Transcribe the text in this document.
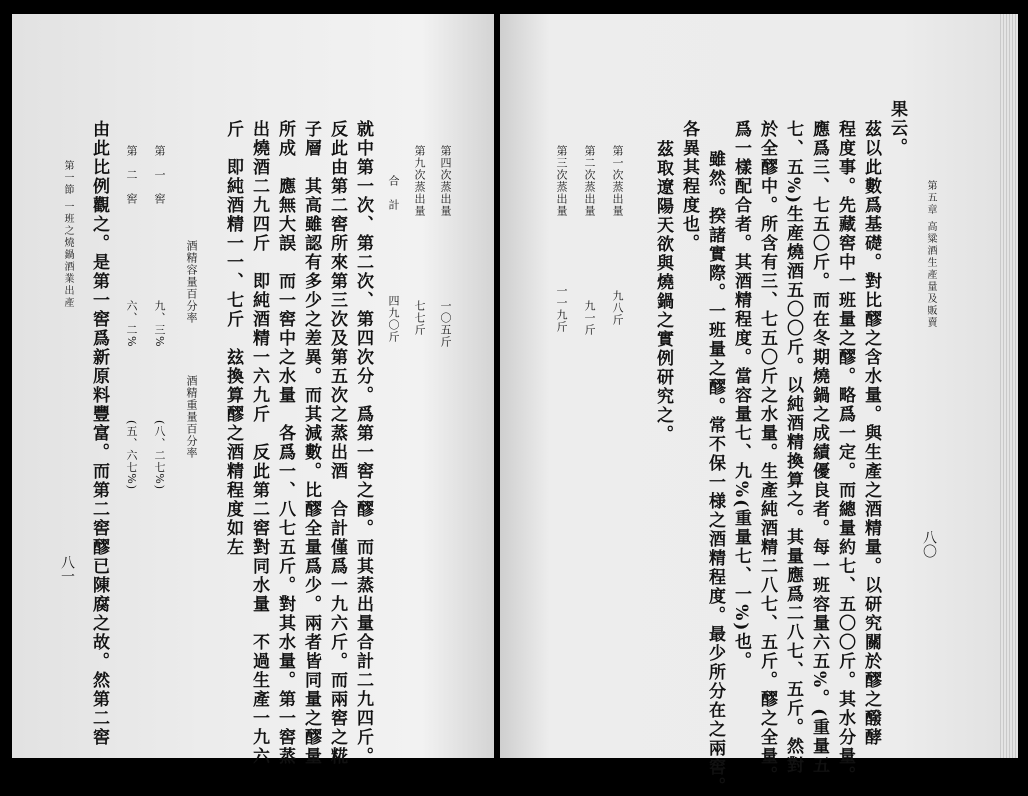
第五章 高粱酒生產量及販賣
八〇
果云。
茲以此數爲基礎。對比醪之含水量。與生產之酒精量。以研究關於醪之醱酵
程度事。先藏窖中一班量之醪。略爲一定。而總量約七、五〇〇斤。其水分量。
應爲三、七五〇斤。而在冬期燒鍋之成績優良者。每一班容量六五%。(重量五
七、五%)生産燒酒五〇〇斤。以純酒精換算之。其量應爲二八七、五斤。然對
於全醪中。所含有三、七五〇斤之水量。生產純酒精二八七、五斤。醪之全量。
爲一樣配合者。其酒精程度。當容量七、九%(重量七、一%)也。
雖然。揆諸實際。一班量之醪。常不保一様之酒精程度。最少所分在之兩窖。
各異其程度也。
茲取遼陽天欲與燒鍋之實例研究之。
第一次蒸出量
九八斤
第二次蒸出量
九一斤
第三次蒸出量
一一九斤
第四次蒸出量
一〇五斤
第九次蒸出量
七七斤
合　計
四九〇斤
就中第一次、第二次、第四次分。爲第一窖之醪。而其蒸出量合計二九四斤。
反此由第二窖所來第三次及第五次之蒸出酒　合計僅爲一九六斤。而兩窖之糀
子層　其高雖認有多少之差異。而其減數。比醪全量爲少。兩者皆同量之醪量
所成　應無大誤　而一窖中之水量　各爲一、八七五斤。對其水量。第一窖蒸
出燒酒二九四斤　即純酒精一六九斤　反此第二窖對同水量　不過生產一九六
斤　即純酒精一一、七斤　玆換算醪之酒精程度如左
酒精容量百分率
酒精重量百分率
第　一　窖
九、三%
(八、二七%)
第　二　窖
六、二%
(五、六七%)
由此比例觀之。是第一窖爲新原料豐富。而第二窖醪已陳腐之故。然第二窖
第一節 一班之燒鍋酒業出產
八一
